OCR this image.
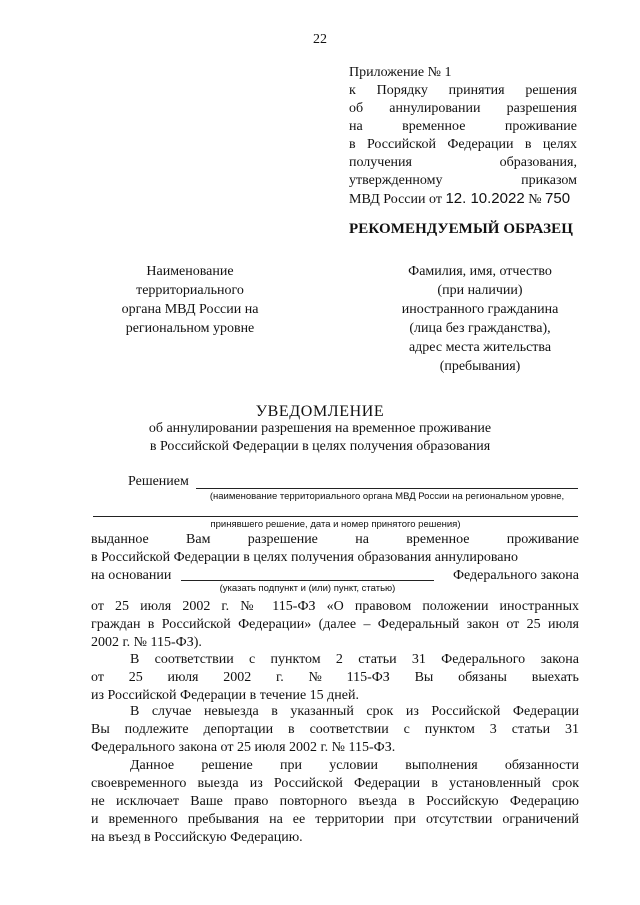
22
Приложение № 1
к Порядку принятия решения
об аннулировании разрешения
на	временное	проживание
в Российской Федерации в целях
получения	образования,
утвержденному	приказом
МВД России от 12. 10.2022 № 750
РЕКОМЕНДУЕМЫЙ ОБРАЗЕЦ
Наименование
территориального
органа МВД России на
региональном уровне
Фамилия, имя, отчество
(при наличии)
иностранного гражданина
(лица без гражданства),
адрес места жительства
(пребывания)
УВЕДОМЛЕНИЕ
об аннулировании разрешения на временное проживание
в Российской Федерации в целях получения образования
Решением
(наименование территориального органа МВД России на региональном уровне,
принявшего решение, дата и номер принятого решения)
выданное	Вам	разрешение	на	временное	проживание
в Российской Федерации в целях получения образования аннулировано
на основании	Федерального закона
(указать подпункт и (или) пункт, статью)
от 25 июля 2002 г. № 115-ФЗ «О правовом положении иностранных
граждан в Российской Федерации» (далее – Федеральный закон от 25 июля
2002 г. № 115-ФЗ).
В соответствии с пунктом 2 статьи 31 Федерального закона
от 25 июля 2002 г. № 115-ФЗ Вы обязаны выехать
из Российской Федерации в течение 15 дней.
В случае невыезда в указанный срок из Российской Федерации
Вы подлежите депортации в соответствии с пунктом 3 статьи 31
Федерального закона от 25 июля 2002 г. № 115-ФЗ.
Данное решение при условии выполнения обязанности
своевременного выезда из Российской Федерации в установленный срок
не исключает Ваше право повторного въезда в Российскую Федерацию
и временного пребывания на ее территории при отсутствии ограничений
на въезд в Российскую Федерацию.
